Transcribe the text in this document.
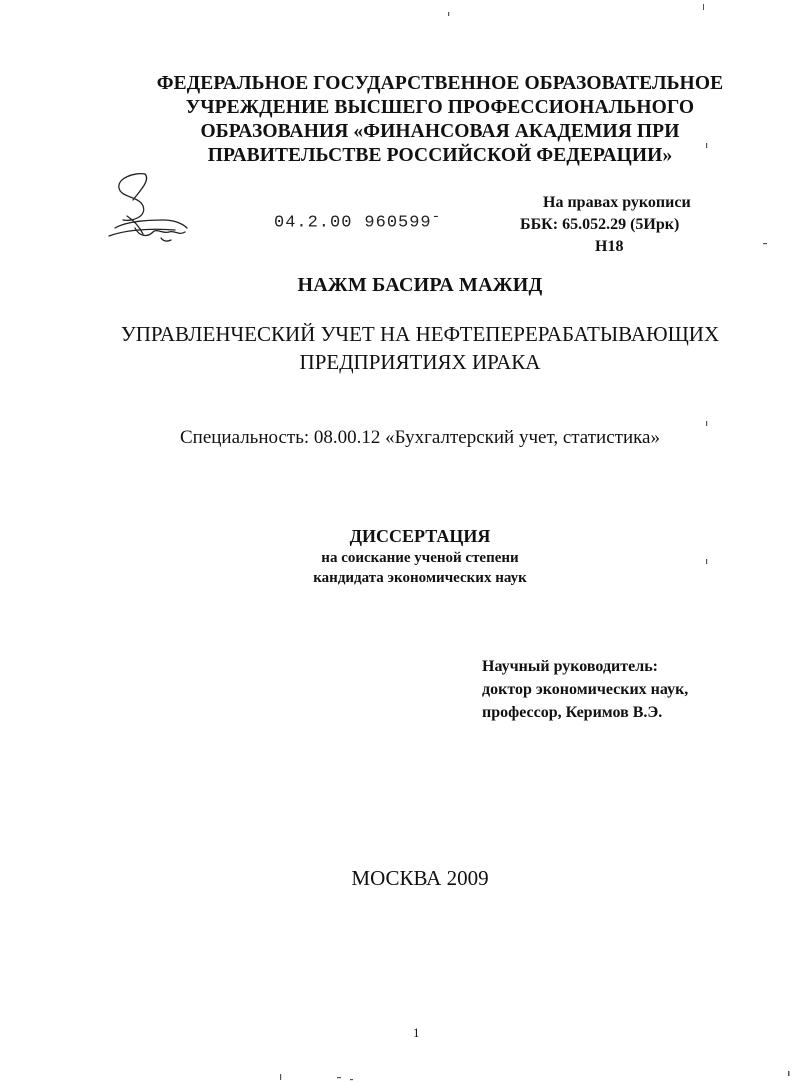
ФЕДЕРАЛЬНОЕ ГОСУДАРСТВЕННОЕ ОБРАЗОВАТЕЛЬНОЕ
УЧРЕЖДЕНИЕ ВЫСШЕГО ПРОФЕССИОНАЛЬНОГО
ОБРАЗОВАНИЯ «ФИНАНСОВАЯ АКАДЕМИЯ ПРИ
ПРАВИТЕЛЬСТВЕ РОССИЙСКОЙ ФЕДЕРАЦИИ»
04.2.00 960599-
На правах рукописи
ББК: 65.052.29 (5Ирк)
Н18
НАЖМ БАСИРА МАЖИД
УПРАВЛЕНЧЕСКИЙ УЧЕТ НА НЕФТЕПЕРЕРАБАТЫВАЮЩИХ
ПРЕДПРИЯТИЯХ ИРАКА
Специальность: 08.00.12 «Бухгалтерский учет, статистика»
ДИССЕРТАЦИЯ
на соискание ученой степени
кандидата экономических наук
Научный руководитель:
доктор экономических наук,
профессор, Керимов В.Э.
МОСКВА 2009
1
